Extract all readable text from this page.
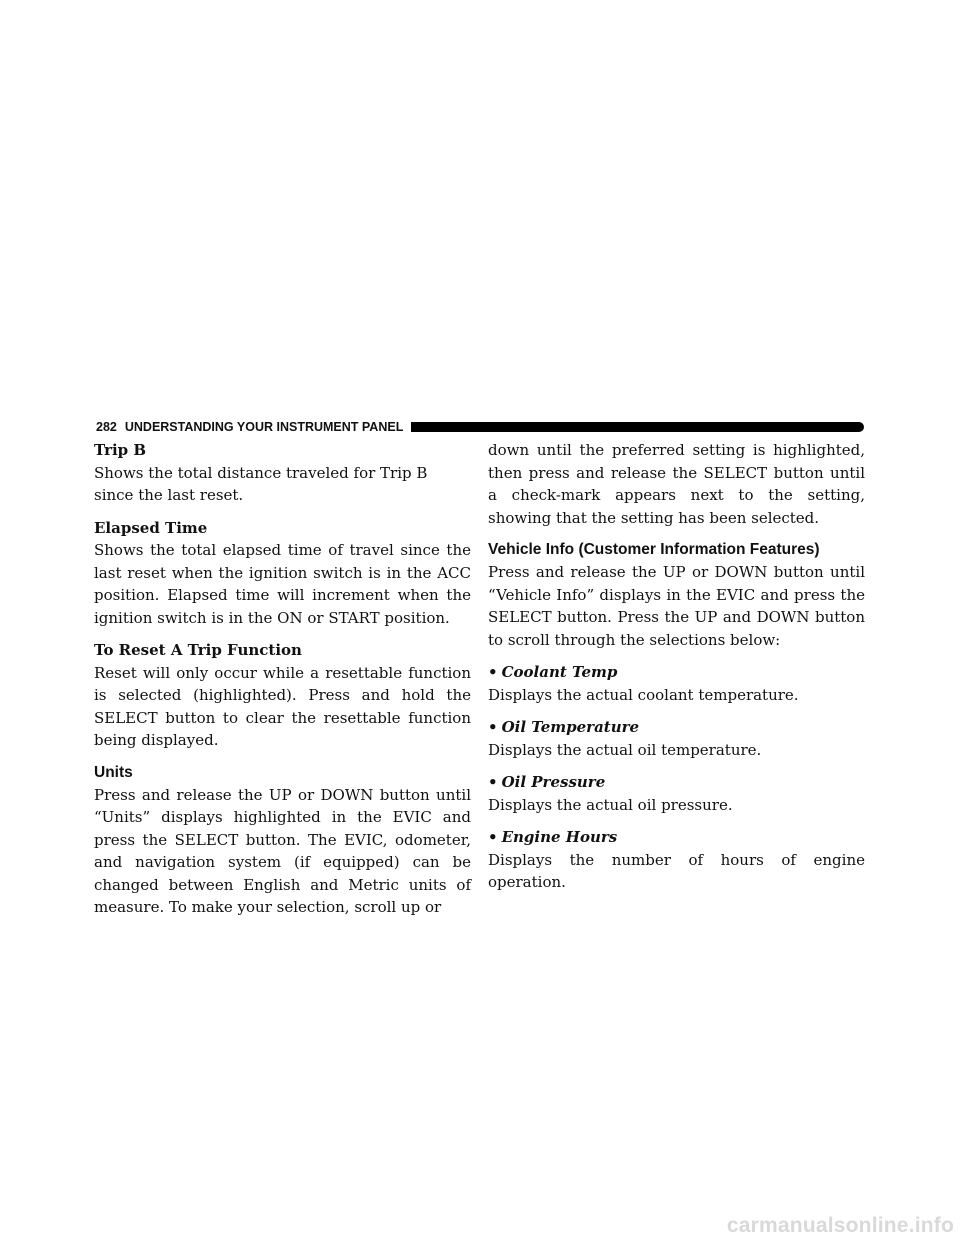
282 UNDERSTANDING YOUR INSTRUMENT PANEL

Trip B

Shows the total distance traveled for Trip B since the last reset.

Elapsed Time

Shows the total elapsed time of travel since the last reset when the ignition switch is in the ACC position. Elapsed time will increment when the ignition switch is in the ON or START position.

To Reset A Trip Function

Reset will only occur while a resettable function is selected (highlighted). Press and hold the SELECT button to clear the resettable function being displayed.

Units

Press and release the UP or DOWN button until “Units” displays highlighted in the EVIC and press the SELECT button. The EVIC, odometer, and navigation system (if equipped) can be changed between English and Metric units of measure. To make your selection, scroll up or

down until the preferred setting is highlighted, then press and release the SELECT button until a check-mark appears next to the setting, showing that the setting has been selected.

Vehicle Info (Customer Information Features)

Press and release the UP or DOWN button until “Vehicle Info” displays in the EVIC and press the SELECT button. Press the UP and DOWN button to scroll through the selections below:

• Coolant Temp

Displays the actual coolant temperature.

• Oil Temperature

Displays the actual oil temperature.

• Oil Pressure

Displays the actual oil pressure.

• Engine Hours

Displays the number of hours of engine operation.

carmanualsonline.info
